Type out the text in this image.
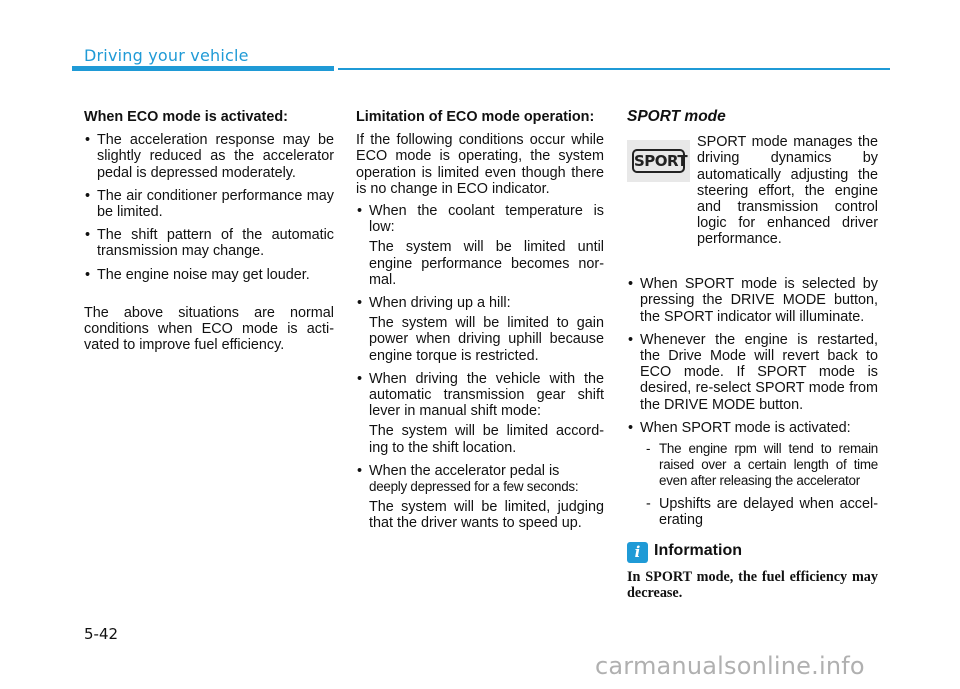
Driving your vehicle
When ECO mode is activated:
• The acceleration response may be slightly reduced as the accelerator pedal is depressed moderately.
• The air conditioner performance may be limited.
• The shift pattern of the automatic transmission may change.
• The engine noise may get louder.

The above situations are normal conditions when ECO mode is acti-vated to improve fuel efficiency.

Limitation of ECO mode operation:

If the following conditions occur while ECO mode is operating, the system operation is limited even though there is no change in ECO indicator.

• When the coolant temperature is low:
The system will be limited until engine performance becomes nor-mal.
• When driving up a hill:
The system will be limited to gain power when driving uphill because engine torque is restricted.
• When driving the vehicle with the automatic transmission gear shift lever in manual shift mode:
The system will be limited accord-ing to the shift location.
• When the accelerator pedal is
deeply depressed for a few seconds:
The system will be limited, judging that the driver wants to speed up.
SPORT mode
SPORT
SPORT mode manages the driving dynamics by automatically adjusting the steering effort, the engine and transmission control logic for enhanced driver performance.
• When SPORT mode is selected by pressing the DRIVE MODE button, the SPORT indicator will illuminate.
• Whenever the engine is restarted, the Drive Mode will revert back to ECO mode. If SPORT mode is desired, re-select SPORT mode from the DRIVE MODE button.
• When SPORT mode is activated:
- The engine rpm will tend to remain raised over a certain length of time even after releasing the accelerator
- Upshifts are delayed when accel-erating
i Information

In SPORT mode, the fuel efficiency may decrease.

5-42
carmanualsonline.info
